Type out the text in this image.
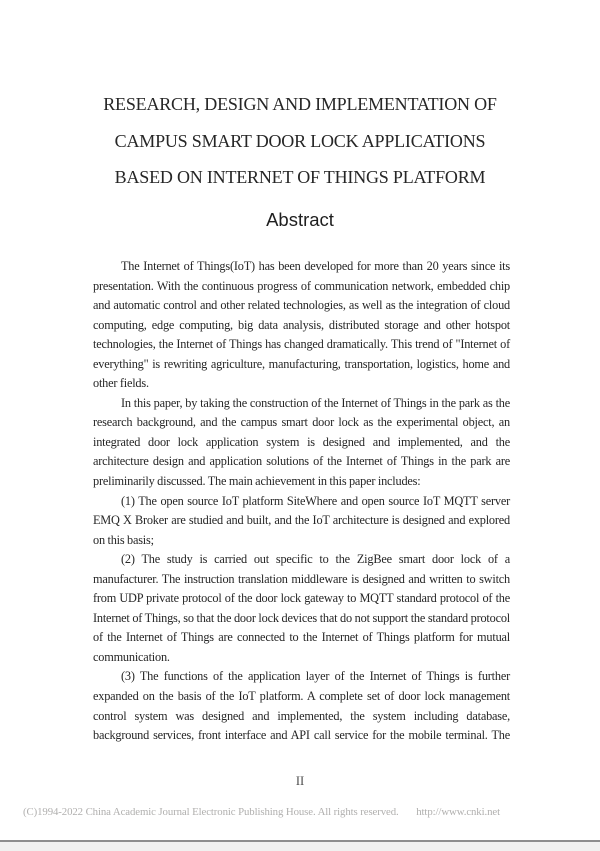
RESEARCH, DESIGN AND IMPLEMENTATION OF
CAMPUS SMART DOOR LOCK APPLICATIONS
BASED ON INTERNET OF THINGS PLATFORM
Abstract

The Internet of Things(IoT) has been developed for more than 20 years since its presentation. With the continuous progress of communication network, embedded chip and automatic control and other related technologies, as well as the integration of cloud computing, edge computing, big data analysis, distributed storage and other hotspot technologies, the Internet of Things has changed dramatically. This trend of "Internet of everything" is rewriting agriculture, manufacturing, transportation, logistics, home and other fields.

In this paper, by taking the construction of the Internet of Things in the park as the research background, and the campus smart door lock as the experimental object, an integrated door lock application system is designed and implemented, and the architecture design and application solutions of the Internet of Things in the park are preliminarily discussed. The main achievement in this paper includes:

(1) The open source IoT platform SiteWhere and open source IoT MQTT server EMQ X Broker are studied and built, and the IoT architecture is designed and explored on this basis;

(2) The study is carried out specific to the ZigBee smart door lock of a manufacturer. The instruction translation middleware is designed and written to switch from UDP private protocol of the door lock gateway to MQTT standard protocol of the Internet of Things, so that the door lock devices that do not support the standard protocol of the Internet of Things are connected to the Internet of Things platform for mutual communication.

(3) The functions of the application layer of the Internet of Things is further expanded on the basis of the IoT platform. A complete set of door lock management control system was designed and implemented, the system including database, background services, front interface and API call service for the mobile terminal. The

II
(C)1994-2022 China Academic Journal Electronic Publishing House. All rights reserved. http://www.cnki.net
